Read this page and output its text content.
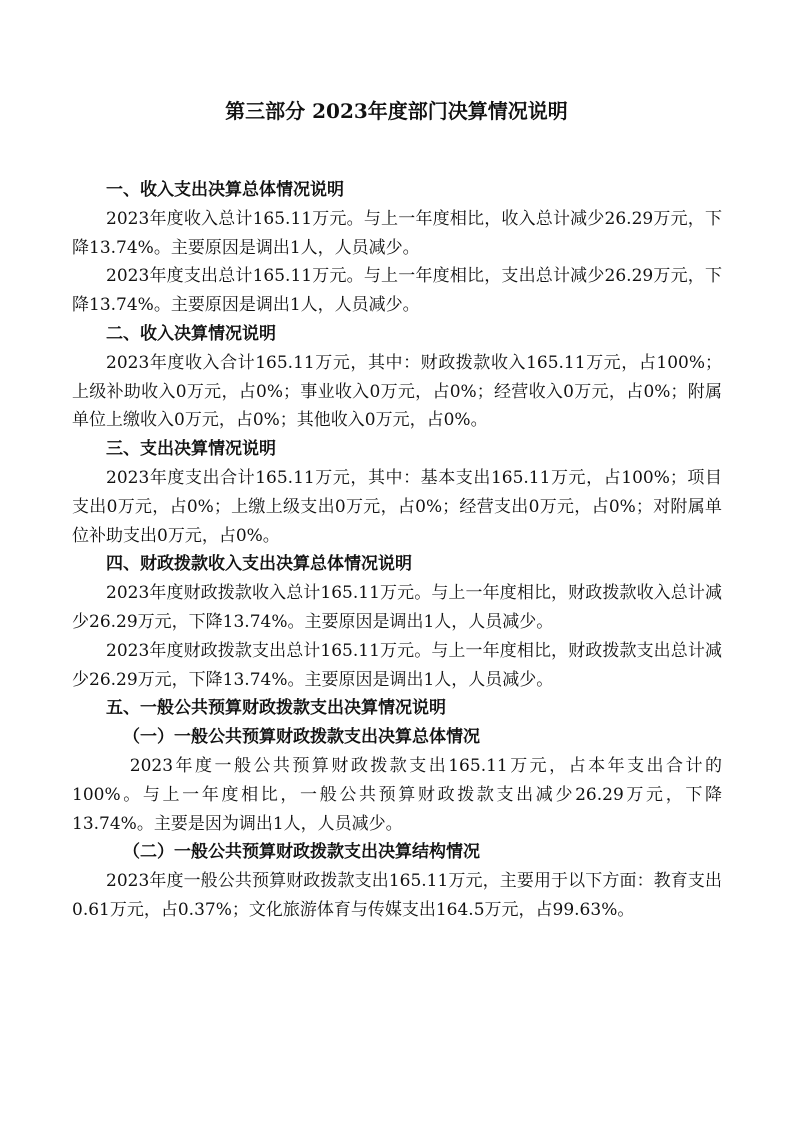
第三部分 2023年度部门决算情况说明

一、收入支出决算总体情况说明

2023年度收入总计165.11万元。与上一年度相比，收入总计减少26.29万元，下降13.74%。主要原因是调出1人，人员减少。

2023年度支出总计165.11万元。与上一年度相比，支出总计减少26.29万元，下降13.74%。主要原因是调出1人，人员减少。

二、收入决算情况说明

2023年度收入合计165.11万元，其中：财政拨款收入165.11万元，占100%；上级补助收入0万元，占0%；事业收入0万元，占0%；经营收入0万元，占0%；附属单位上缴收入0万元，占0%；其他收入0万元，占0%。

三、支出决算情况说明

2023年度支出合计165.11万元，其中：基本支出165.11万元，占100%；项目支出0万元，占0%；上缴上级支出0万元，占0%；经营支出0万元，占0%；对附属单位补助支出0万元，占0%。

四、财政拨款收入支出决算总体情况说明

2023年度财政拨款收入总计165.11万元。与上一年度相比，财政拨款收入总计减少26.29万元，下降13.74%。主要原因是调出1人，人员减少。

2023年度财政拨款支出总计165.11万元。与上一年度相比，财政拨款支出总计减少26.29万元，下降13.74%。主要原因是调出1人，人员减少。

五、一般公共预算财政拨款支出决算情况说明

（一）一般公共预算财政拨款支出决算总体情况

2023年度一般公共预算财政拨款支出165.11万元，占本年支出合计的100%。与上一年度相比，一般公共预算财政拨款支出减少26.29万元，下降13.74%。主要是因为调出1人，人员减少。

（二）一般公共预算财政拨款支出决算结构情况

2023年度一般公共预算财政拨款支出165.11万元，主要用于以下方面：教育支出0.61万元，占0.37%；文化旅游体育与传媒支出164.5万元，占99.63%。
